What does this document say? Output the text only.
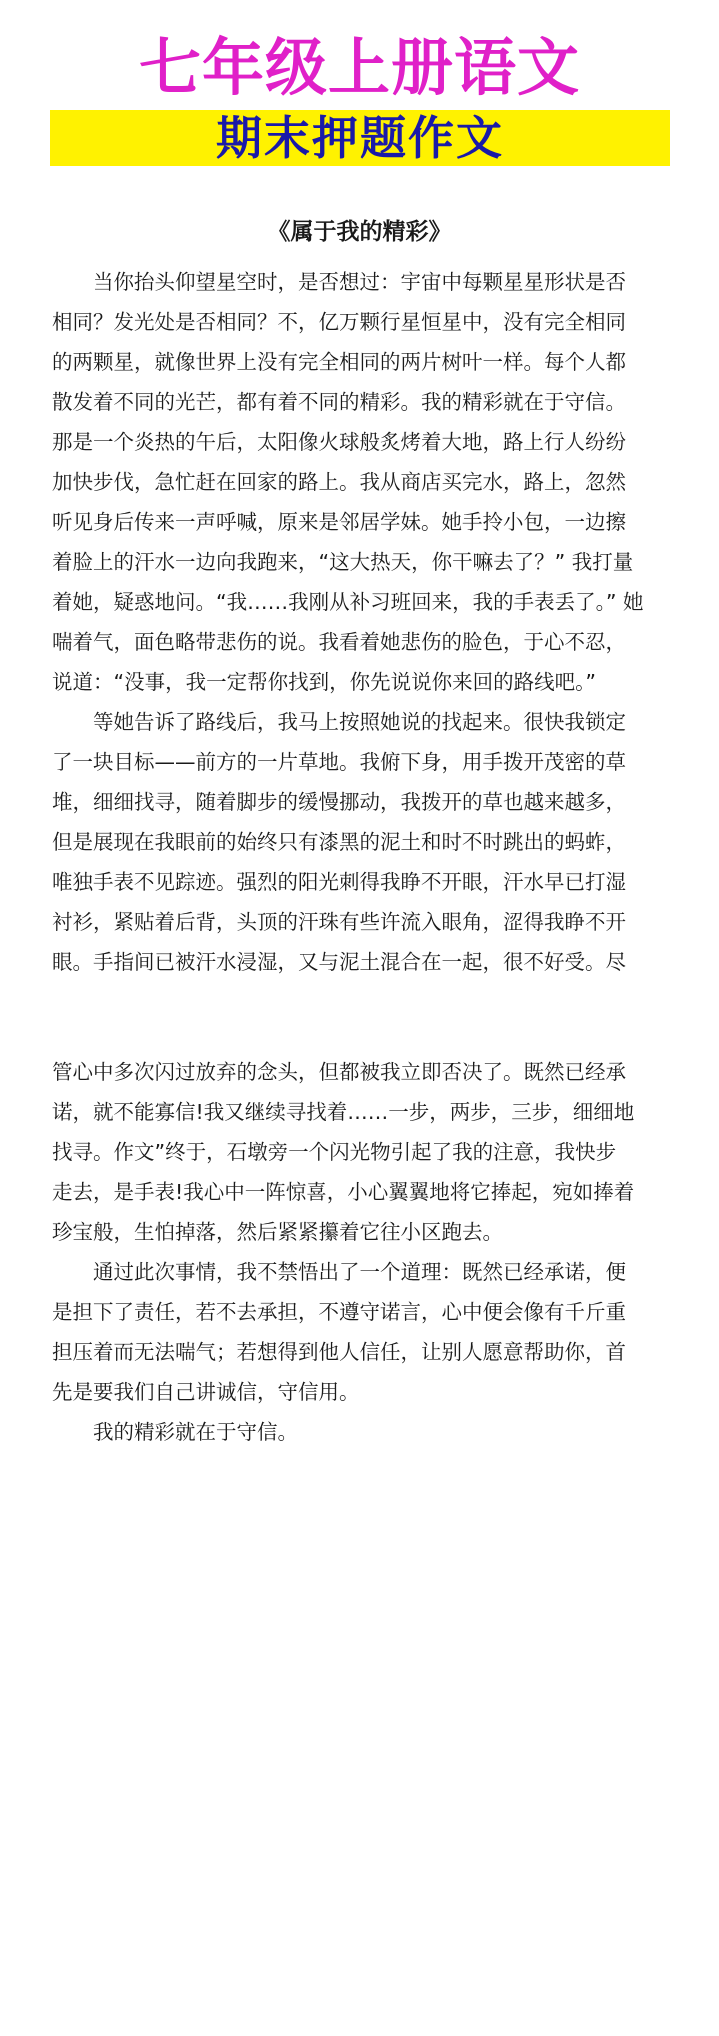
七年级上册语文
期末押题作文
《属于我的精彩》
　　当你抬头仰望星空时，是否想过：宇宙中每颗星星形状是否
相同？发光处是否相同？不，亿万颗行星恒星中，没有完全相同
的两颗星，就像世界上没有完全相同的两片树叶一样。每个人都
散发着不同的光芒，都有着不同的精彩。我的精彩就在于守信。
那是一个炎热的午后，太阳像火球般炙烤着大地，路上行人纷纷
加快步伐，急忙赶在回家的路上。我从商店买完水，路上，忽然
听见身后传来一声呼喊，原来是邻居学妹。她手拎小包，一边擦
着脸上的汗水一边向我跑来，“这大热天，你干嘛去了？” 我打量
着她，疑惑地问。“我……我刚从补习班回来，我的手表丢了。” 她
喘着气，面色略带悲伤的说。我看着她悲伤的脸色，于心不忍，
说道：“没事，我一定帮你找到，你先说说你来回的路线吧。”
　　等她告诉了路线后，我马上按照她说的找起来。很快我锁定
了一块目标——前方的一片草地。我俯下身，用手拨开茂密的草
堆，细细找寻，随着脚步的缓慢挪动，我拨开的草也越来越多，
但是展现在我眼前的始终只有漆黑的泥土和时不时跳出的蚂蚱，
唯独手表不见踪迹。强烈的阳光刺得我睁不开眼，汗水早已打湿
衬衫，紧贴着后背，头顶的汗珠有些许流入眼角，涩得我睁不开
眼。手指间已被汗水浸湿，又与泥土混合在一起，很不好受。尽
管心中多次闪过放弃的念头，但都被我立即否决了。既然已经承
诺，就不能寡信!我又继续寻找着……一步，两步，三步，细细地
找寻。作文”终于，石墩旁一个闪光物引起了我的注意，我快步
走去，是手表!我心中一阵惊喜，小心翼翼地将它捧起，宛如捧着
珍宝般，生怕掉落，然后紧紧攥着它往小区跑去。
　　通过此次事情，我不禁悟出了一个道理：既然已经承诺，便
是担下了责任，若不去承担，不遵守诺言，心中便会像有千斤重
担压着而无法喘气；若想得到他人信任，让别人愿意帮助你，首
先是要我们自己讲诚信，守信用。
　　我的精彩就在于守信。
